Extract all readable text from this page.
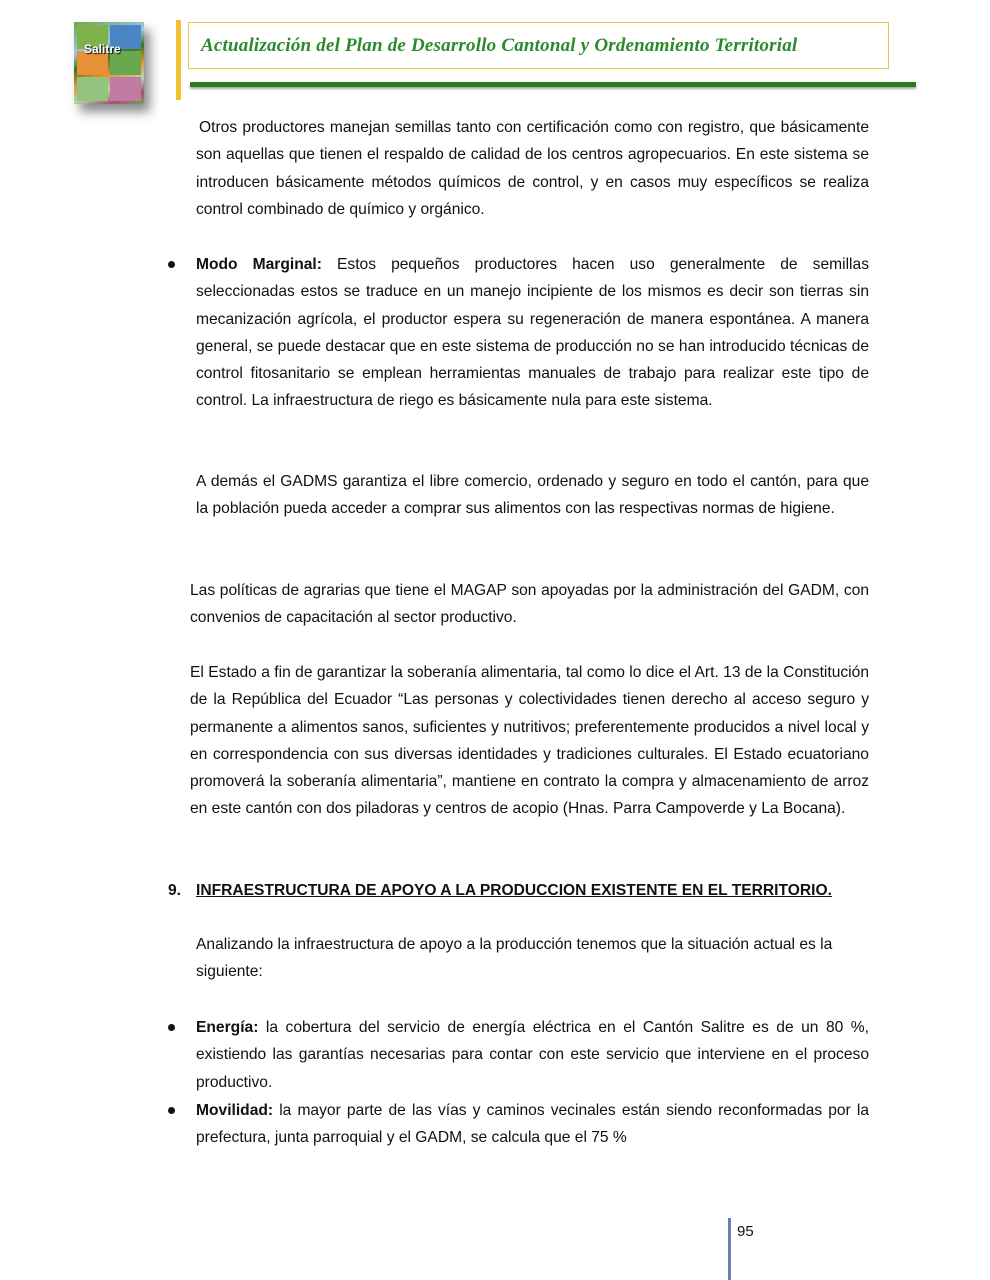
Salitre	Actualización del Plan de Desarrollo Cantonal y Ordenamiento Territorial
Otros productores manejan semillas tanto con certificación como con registro, que básicamente son aquellas que tienen el respaldo de calidad de los centros agropecuarios. En este sistema se introducen básicamente métodos químicos de control, y en casos muy específicos se realiza control combinado de químico y orgánico.
Modo Marginal: Estos pequeños productores hacen uso generalmente de semillas seleccionadas estos se traduce en un manejo incipiente de los mismos es decir son tierras sin mecanización agrícola, el productor espera su regeneración de manera espontánea. A manera general, se puede destacar que en este sistema de producción no se han introducido técnicas de control fitosanitario se emplean herramientas manuales de trabajo para realizar este tipo de control. La infraestructura de riego es básicamente nula para este sistema.
A demás el GADMS garantiza el libre comercio, ordenado y seguro en todo el cantón, para que la población pueda acceder a comprar sus alimentos con las respectivas normas de higiene.
Las políticas de agrarias que tiene el MAGAP son apoyadas por la administración del GADM, con convenios de capacitación al sector productivo.
El Estado a fin de garantizar la soberanía alimentaria, tal como lo dice el Art. 13 de la Constitución de la República del Ecuador “Las personas y colectividades tienen derecho al acceso seguro y permanente a alimentos sanos, suficientes y nutritivos; preferentemente producidos a nivel local y en correspondencia con sus diversas identidades y tradiciones culturales. El Estado ecuatoriano promoverá la soberanía alimentaria”, mantiene en contrato la compra y almacenamiento de arroz en este cantón con dos piladoras y centros de acopio (Hnas. Parra Campoverde y La Bocana).
9. INFRAESTRUCTURA DE APOYO A LA PRODUCCION EXISTENTE EN EL TERRITORIO.
Analizando la infraestructura de apoyo a la producción tenemos que la situación actual es la siguiente:
Energía: la cobertura del servicio de energía eléctrica en el Cantón Salitre es de un 80 %, existiendo las garantías necesarias para contar con este servicio que interviene en el proceso productivo.
Movilidad: la mayor parte de las vías y caminos vecinales están siendo reconformadas por la prefectura, junta parroquial y el GADM, se calcula que el 75 %
95
